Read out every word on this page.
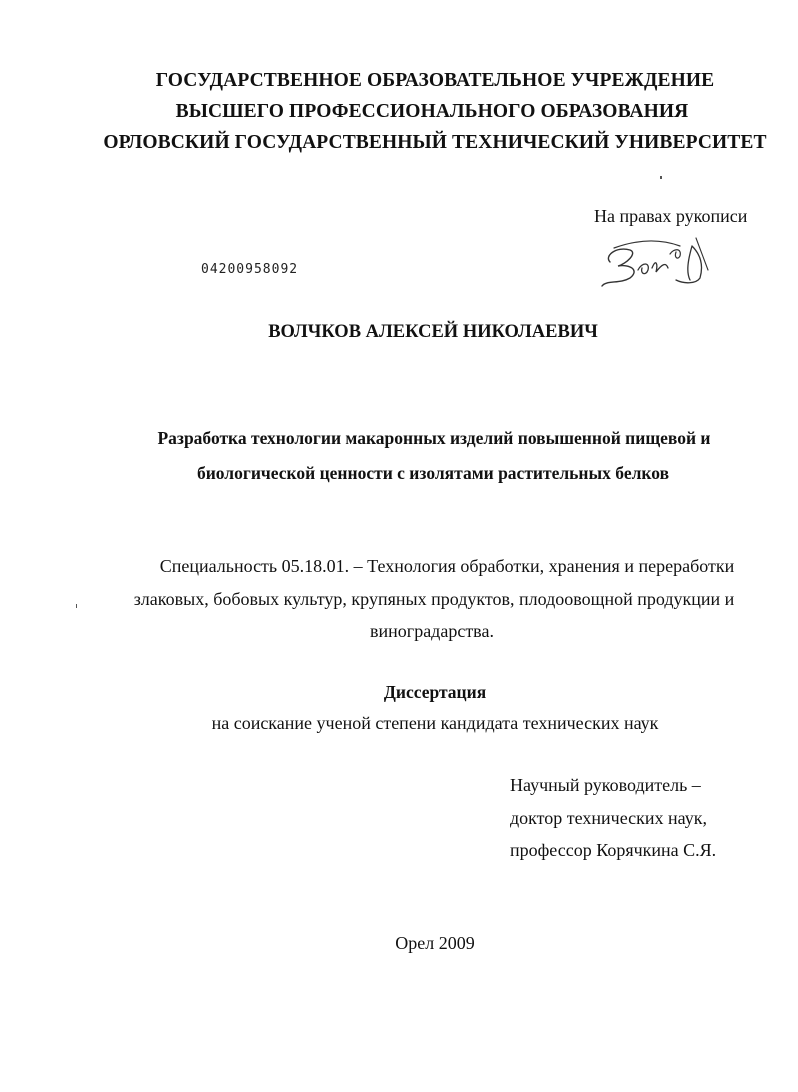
ГОСУДАРСТВЕННОЕ ОБРАЗОВАТЕЛЬНОЕ УЧРЕЖДЕНИЕ
ВЫСШЕГО ПРОФЕССИОНАЛЬНОГО ОБРАЗОВАНИЯ
ОРЛОВСКИЙ ГОСУДАРСТВЕННЫЙ ТЕХНИЧЕСКИЙ УНИВЕРСИТЕТ
На правах рукописи
04200958092
ВОЛЧКОВ АЛЕКСЕЙ НИКОЛАЕВИЧ
Разработка технологии макаронных изделий повышенной пищевой и
биологической ценности с изолятами растительных белков
Специальность 05.18.01. – Технология обработки, хранения и переработки
злаковых, бобовых культур, крупяных продуктов, плодоовощной продукции и
виноградарства.
Диссертация
на соискание ученой степени кандидата технических наук
Научный руководитель –
доктор технических наук,
профессор Корячкина С.Я.
Орел 2009
